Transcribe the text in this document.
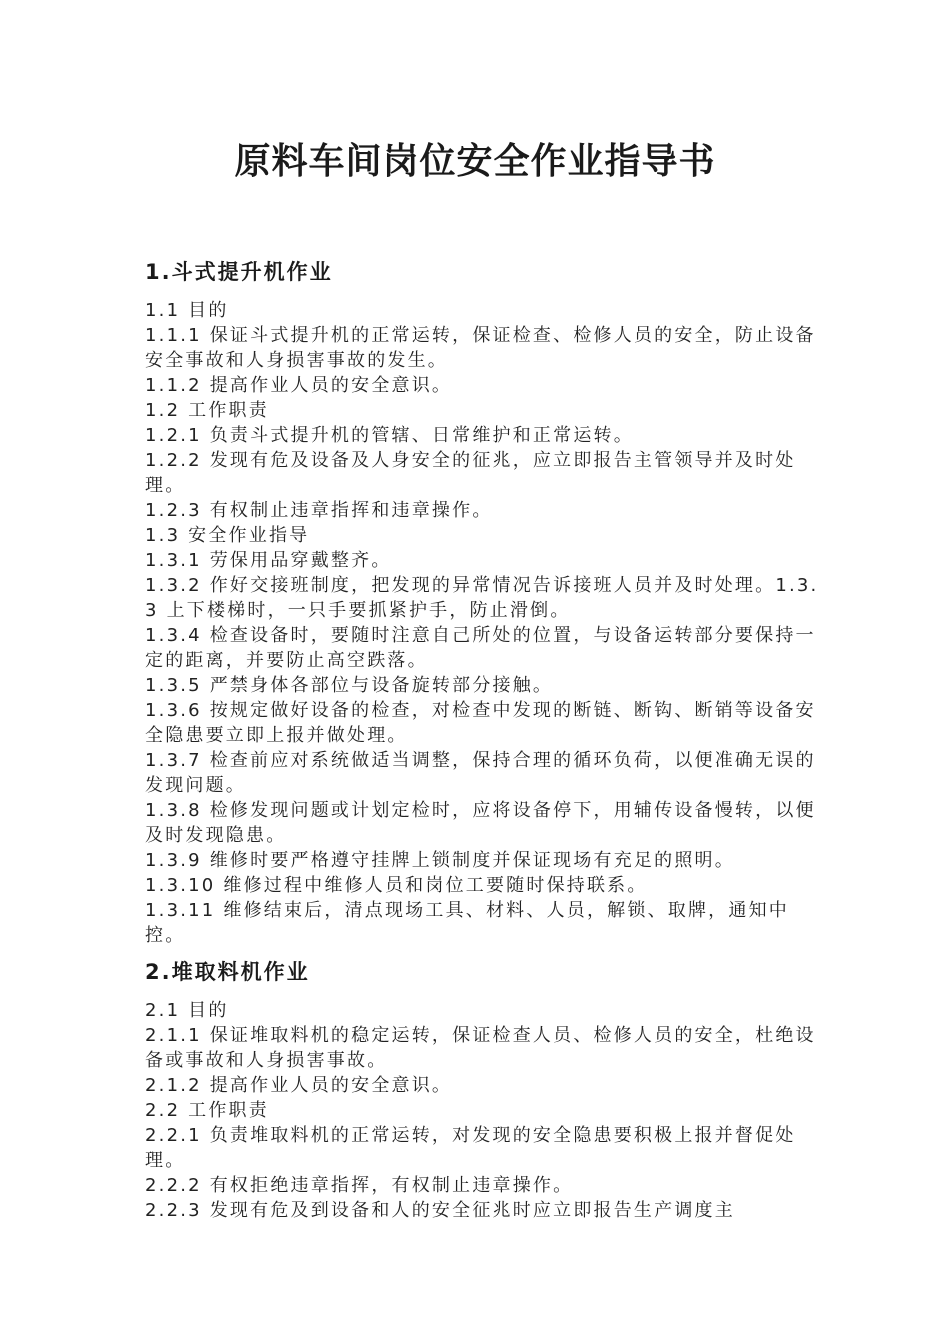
原料车间岗位安全作业指导书
1.斗式提升机作业

1.1 目的

1.1.1 保证斗式提升机的正常运转，保证检查、检修人员的安全，防止设备安全事故和人身损害事故的发生。

1.1.2 提高作业人员的安全意识。

1.2 工作职责

1.2.1 负责斗式提升机的管辖、日常维护和正常运转。

1.2.2 发现有危及设备及人身安全的征兆，应立即报告主管领导并及时处理。

1.2.3 有权制止违章指挥和违章操作。

1.3 安全作业指导

1.3.1 劳保用品穿戴整齐。

1.3.2 作好交接班制度，把发现的异常情况告诉接班人员并及时处理。1.3.3 上下楼梯时，一只手要抓紧护手，防止滑倒。

1.3.4 检查设备时，要随时注意自己所处的位置，与设备运转部分要保持一定的距离，并要防止高空跌落。

1.3.5 严禁身体各部位与设备旋转部分接触。

1.3.6 按规定做好设备的检查，对检查中发现的断链、断钩、断销等设备安全隐患要立即上报并做处理。

1.3.7 检查前应对系统做适当调整，保持合理的循环负荷，以便准确无误的发现问题。

1.3.8 检修发现问题或计划定检时，应将设备停下，用辅传设备慢转，以便及时发现隐患。

1.3.9 维修时要严格遵守挂牌上锁制度并保证现场有充足的照明。

1.3.10 维修过程中维修人员和岗位工要随时保持联系。

1.3.11 维修结束后，清点现场工具、材料、人员，解锁、取牌，通知中控。

2.堆取料机作业

2.1 目的

2.1.1 保证堆取料机的稳定运转，保证检查人员、检修人员的安全，杜绝设备或事故和人身损害事故。

2.1.2 提高作业人员的安全意识。

2.2 工作职责

2.2.1 负责堆取料机的正常运转，对发现的安全隐患要积极上报并督促处理。

2.2.2 有权拒绝违章指挥，有权制止违章操作。

2.2.3 发现有危及到设备和人的安全征兆时应立即报告生产调度主
